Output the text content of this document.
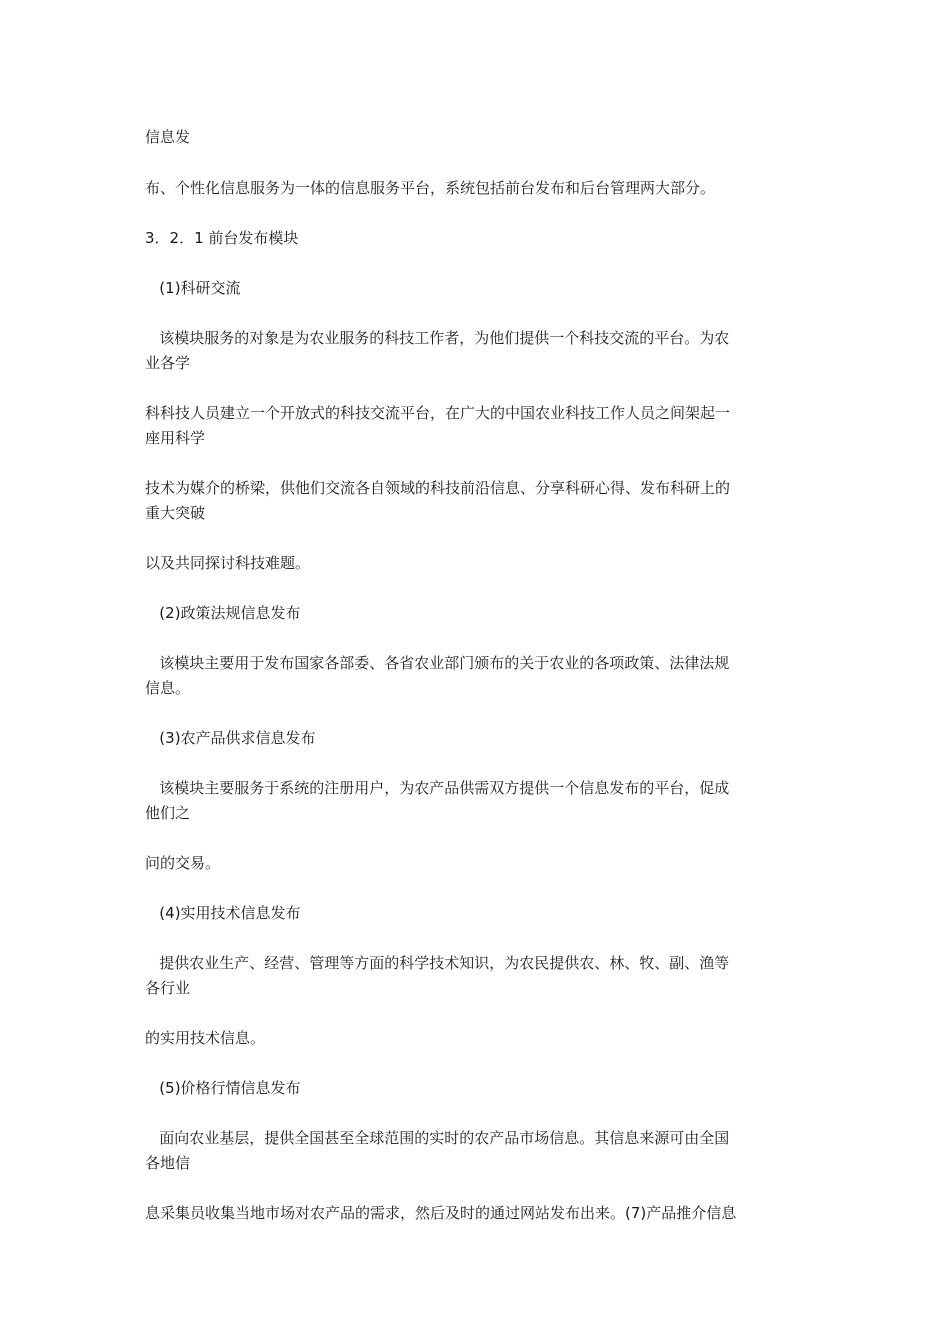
信息发
布、个性化信息服务为一体的信息服务平台，系统包括前台发布和后台管理两大部分。
3．2．1 前台发布模块
(1)科研交流
该模块服务的对象是为农业服务的科技工作者，为他们提供一个科技交流的平台。为农
业各学
科科技人员建立一个开放式的科技交流平台，在广大的中国农业科技工作人员之间架起一
座用科学
技术为媒介的桥梁，供他们交流各自领域的科技前沿信息、分享科研心得、发布科研上的
重大突破
以及共同探讨科技难题。
(2)政策法规信息发布
该模块主要用于发布国家各部委、各省农业部门颁布的关于农业的各项政策、法律法规
信息。
(3)农产品供求信息发布
该模块主要服务于系统的注册用户，为农产品供需双方提供一个信息发布的平台，促成
他们之
问的交易。
(4)实用技术信息发布
提供农业生产、经营、管理等方面的科学技术知识，为农民提供农、林、牧、副、渔等
各行业
的实用技术信息。
(5)价格行情信息发布
面向农业基层，提供全国甚至全球范围的实时的农产品市场信息。其信息来源可由全国
各地信
息采集员收集当地市场对农产品的需求，然后及时的通过网站发布出来。(7)产品推介信息
